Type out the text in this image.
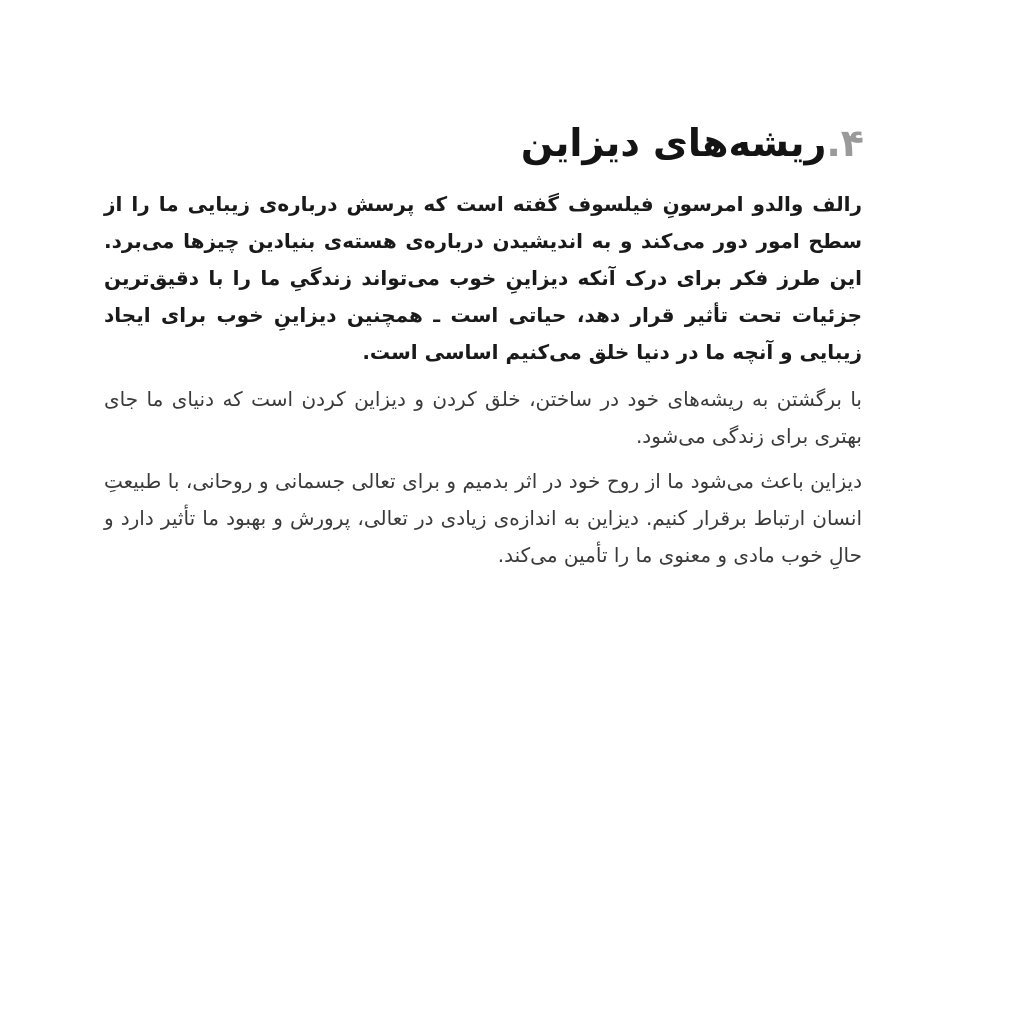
۴.ریشه‌های دیزاین

رالف والدو امرسونِ فیلسوف گفته است که پرسش درباره‌ی زیبایی ما را از سطح امور دور می‌کند و به اندیشیدن درباره‌ی هسته‌ی بنیادین چیزها می‌برد. این طرز فکر برای درک آنکه دیزاینِ خوب می‌تواند زندگیِ ما را با دقیق‌ترین جزئیات تحت تأثیر قرار دهد، حیاتی است ـ همچنین دیزاینِ خوب برای ایجاد زیبایی و آنچه ما در دنیا خلق می‌کنیم اساسی است.

با برگشتن به ریشه‌های خود در ساختن، خلق کردن و دیزاین کردن است که دنیای ما جای بهتری برای زندگی می‌شود.

دیزاین باعث می‌شود ما از روح خود در اثر بدمیم و برای تعالی جسمانی و روحانی، با طبیعتِ انسان ارتباط برقرار کنیم. دیزاین به اندازه‌ی زیادی در تعالی، پرورش و بهبود ما تأثیر دارد و حالِ خوب مادی و معنوی ما را تأمین می‌کند.
